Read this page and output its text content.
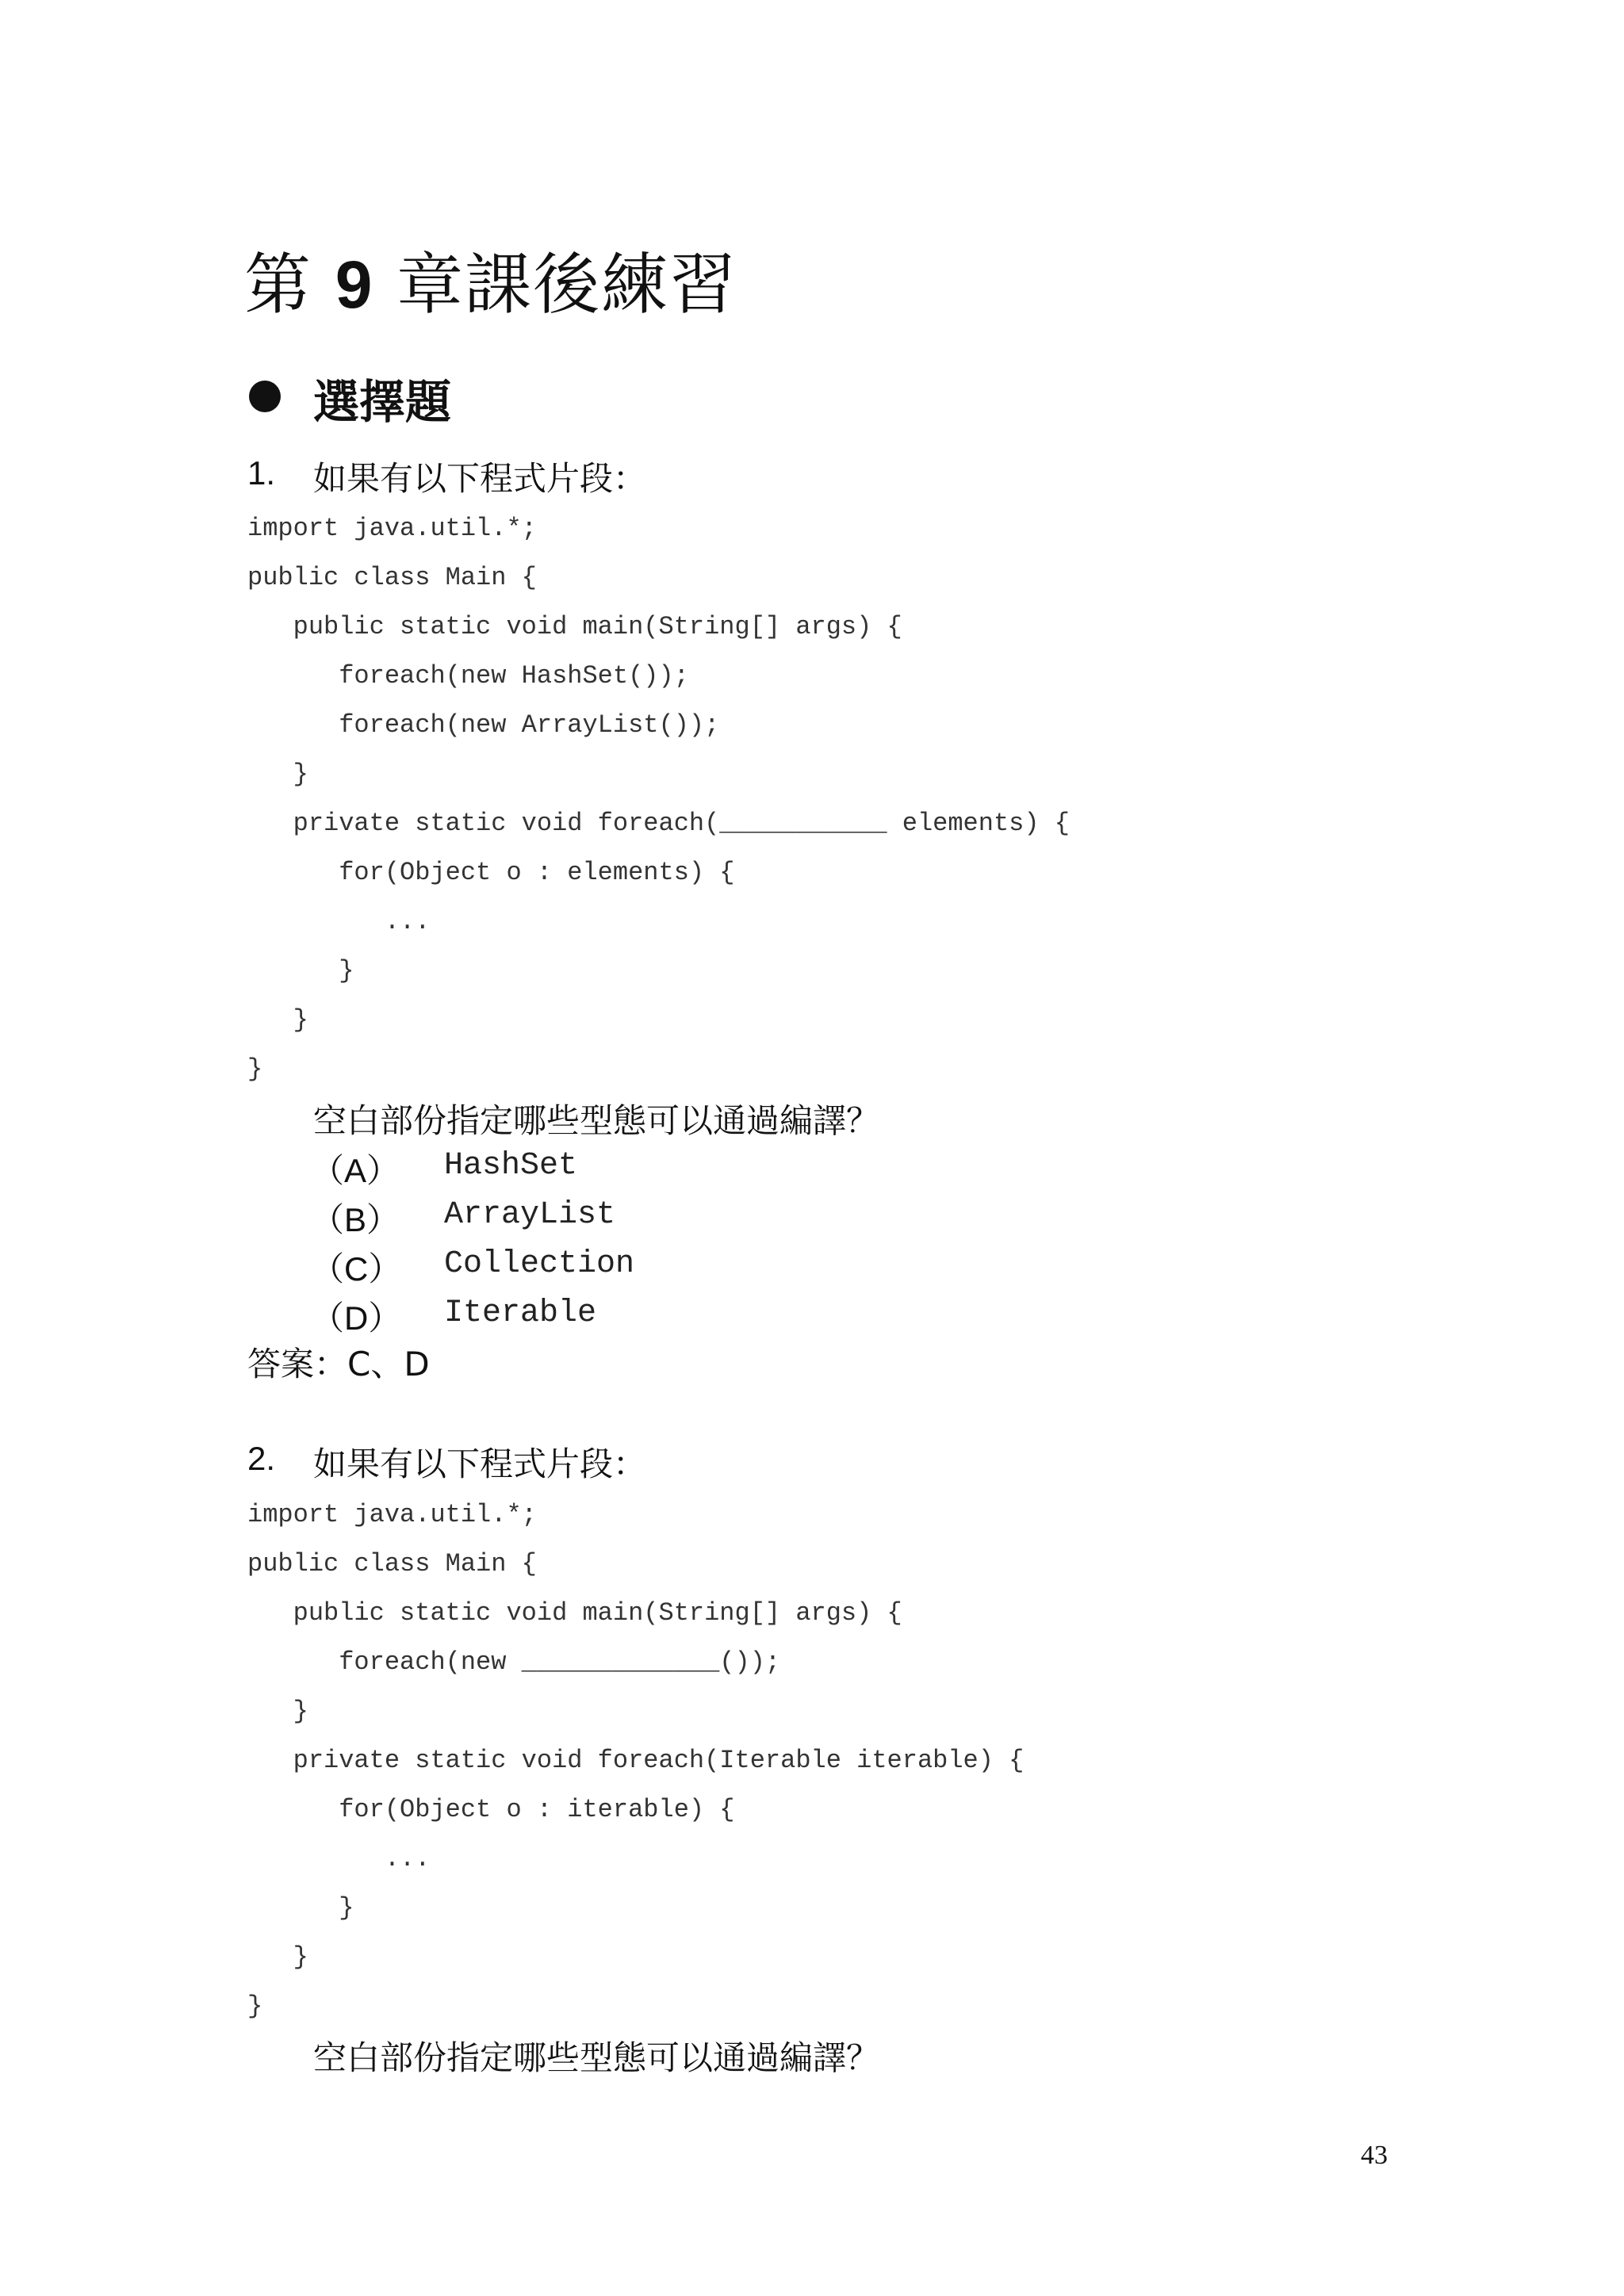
第 9 章課後練習
選擇題
1. 如果有以下程式片段：
import java.util.*;
public class Main {
public static void main(String[] args) {
foreach(new HashSet());
foreach(new ArrayList());
}
private static void foreach(___________ elements) {
for(Object o : elements) {
...
}
}
}
空白部份指定哪些型態可以通過編譯？
（A） HashSet
（B） ArrayList
（C） Collection
（D） Iterable
答案：C、D
2. 如果有以下程式片段：
import java.util.*;
public class Main {
public static void main(String[] args) {
foreach(new _____________());
}
private static void foreach(Iterable iterable) {
for(Object o : iterable) {
...
}
}
}
空白部份指定哪些型態可以通過編譯？
43
